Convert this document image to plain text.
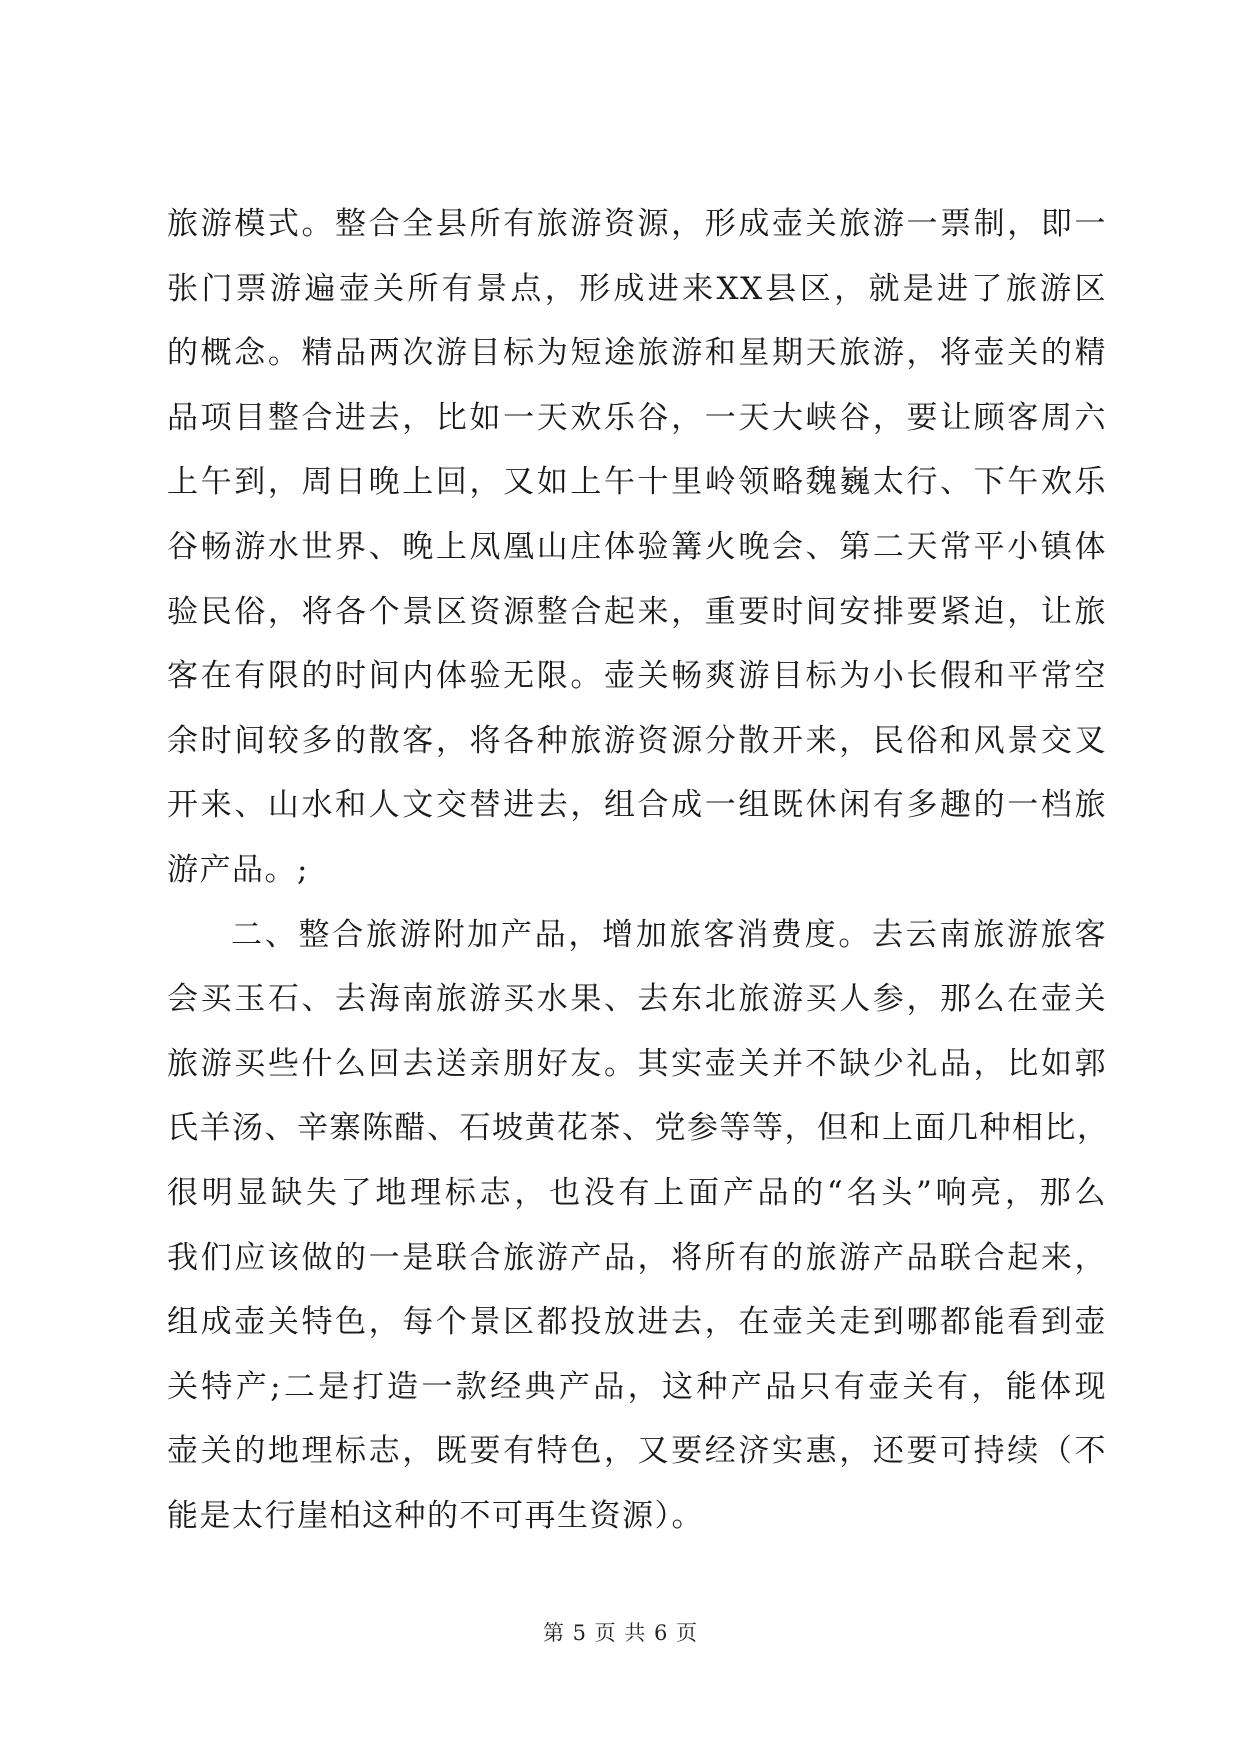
旅游模式。整合全县所有旅游资源，形成壶关旅游一票制，即一
张门票游遍壶关所有景点，形成进来XX县区，就是进了旅游区
的概念。精品两次游目标为短途旅游和星期天旅游，将壶关的精
品项目整合进去，比如一天欢乐谷，一天大峡谷，要让顾客周六
上午到，周日晚上回，又如上午十里岭领略魏巍太行、下午欢乐
谷畅游水世界、晚上凤凰山庄体验篝火晚会、第二天常平小镇体
验民俗，将各个景区资源整合起来，重要时间安排要紧迫，让旅
客在有限的时间内体验无限。壶关畅爽游目标为小长假和平常空
余时间较多的散客，将各种旅游资源分散开来，民俗和风景交叉
开来、山水和人文交替进去，组合成一组既休闲有多趣的一档旅
游产品。;
二、整合旅游附加产品，增加旅客消费度。去云南旅游旅客
会买玉石、去海南旅游买水果、去东北旅游买人参，那么在壶关
旅游买些什么回去送亲朋好友。其实壶关并不缺少礼品，比如郭
氏羊汤、辛寨陈醋、石坡黄花茶、党参等等，但和上面几种相比，
很明显缺失了地理标志，也没有上面产品的“名头”响亮，那么
我们应该做的一是联合旅游产品，将所有的旅游产品联合起来，
组成壶关特色，每个景区都投放进去，在壶关走到哪都能看到壶
关特产;二是打造一款经典产品，这种产品只有壶关有，能体现
壶关的地理标志，既要有特色，又要经济实惠，还要可持续（不
能是太行崖柏这种的不可再生资源）。
第 5 页 共 6 页
